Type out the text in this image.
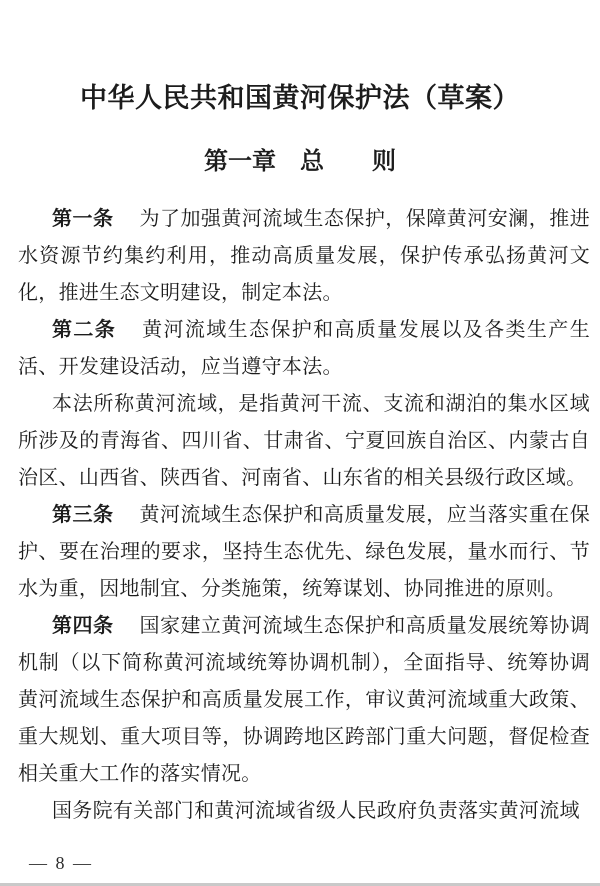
中华人民共和国黄河保护法（草案）
第一章　总　　则

第一条 为了加强黄河流域生态保护，保障黄河安澜，推进水资源节约集约利用，推动高质量发展，保护传承弘扬黄河文化，推进生态文明建设，制定本法。

第二条 黄河流域生态保护和高质量发展以及各类生产生活、开发建设活动，应当遵守本法。

本法所称黄河流域，是指黄河干流、支流和湖泊的集水区域所涉及的青海省、四川省、甘肃省、宁夏回族自治区、内蒙古自治区、山西省、陕西省、河南省、山东省的相关县级行政区域。

第三条 黄河流域生态保护和高质量发展，应当落实重在保护、要在治理的要求，坚持生态优先、绿色发展，量水而行、节水为重，因地制宜、分类施策，统筹谋划、协同推进的原则。

第四条 国家建立黄河流域生态保护和高质量发展统筹协调机制（以下简称黄河流域统筹协调机制），全面指导、统筹协调黄河流域生态保护和高质量发展工作，审议黄河流域重大政策、重大规划、重大项目等，协调跨地区跨部门重大问题，督促检查相关重大工作的落实情况。

国务院有关部门和黄河流域省级人民政府负责落实黄河流域

— 8 —
